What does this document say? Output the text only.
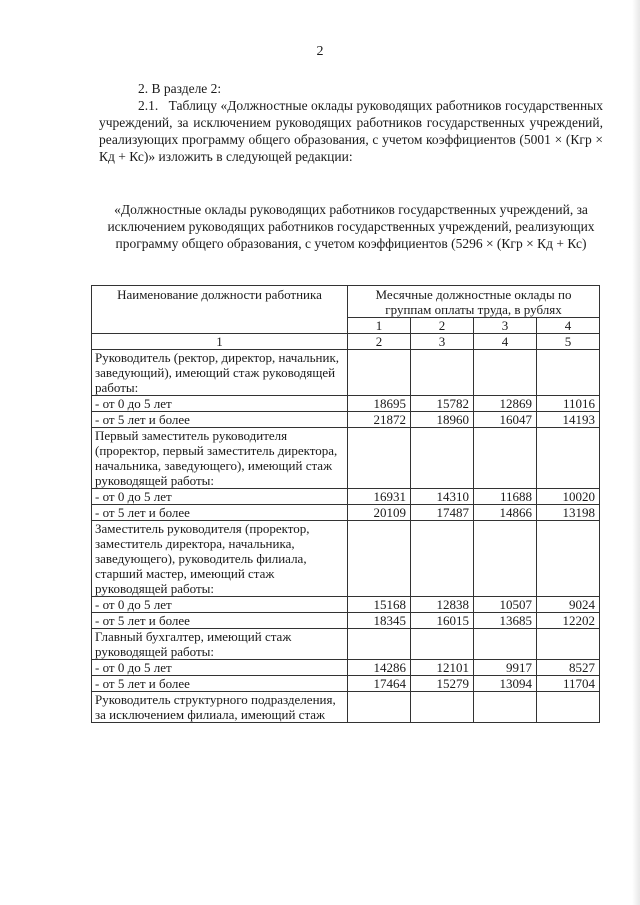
2
2. В разделе 2:
2.1. Таблицу «Должностные оклады руководящих работников государственных учреждений, за исключением руководящих работников государственных учреждений, реализующих программу общего образования, с учетом коэффициентов (5001 × (Кгр × Кд + Кс)» изложить в следующей редакции:
«Должностные оклады руководящих работников государственных учреждений, за исключением руководящих работников государственных учреждений, реализующих программу общего образования, с учетом коэффициентов (5296 × (Кгр × Кд + Кс)
Наименование должности работника	Месячные должностные оклады по группам оплаты труда, в рублях			
	1	2	3	4
1	2	3	4	5
Руководитель (ректор, директор, начальник, заведующий), имеющий стаж руководящей работы:				
- от 0 до 5 лет	18695	15782	12869	11016
- от 5 лет и более	21872	18960	16047	14193
Первый заместитель руководителя (проректор, первый заместитель директора, начальника, заведующего), имеющий стаж руководящей работы:				
- от 0 до 5 лет	16931	14310	11688	10020
- от 5 лет и более	20109	17487	14866	13198
Заместитель руководителя (проректор, заместитель директора, начальника, заведующего), руководитель филиала, старший мастер, имеющий стаж руководящей работы:				
- от 0 до 5 лет	15168	12838	10507	9024
- от 5 лет и более	18345	16015	13685	12202
Главный бухгалтер, имеющий стаж руководящей работы:				
- от 0 до 5 лет	14286	12101	9917	8527
- от 5 лет и более	17464	15279	13094	11704
Руководитель структурного подразделения, за исключением филиала, имеющий стаж				
